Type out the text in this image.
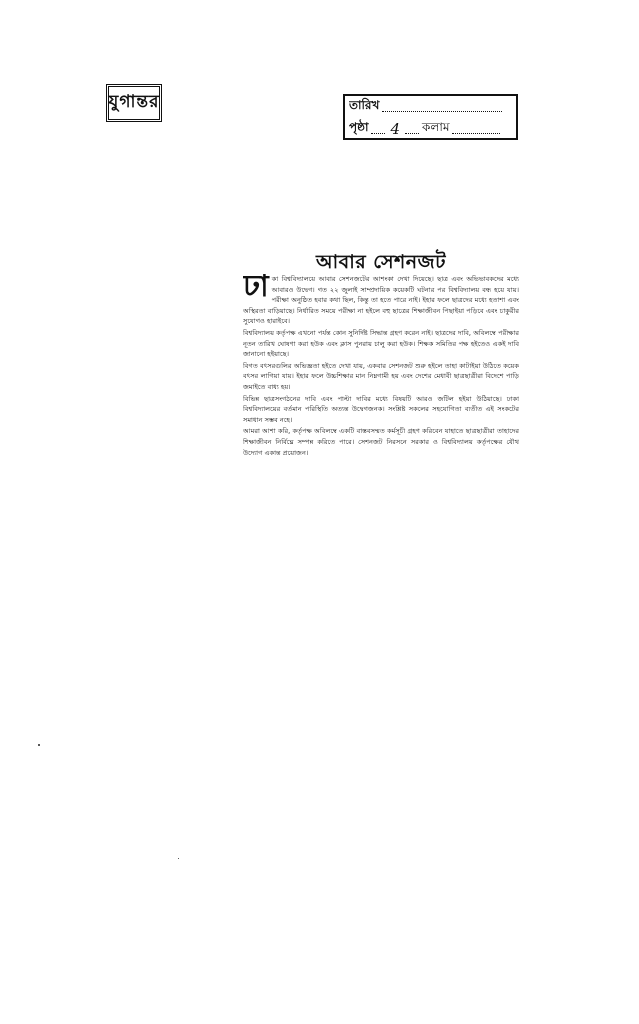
যুগান্তর	তারিখ
পৃষ্ঠা 4 কলাম
আবার সেশনজট
ঢা কা বিশ্ববিদ্যালয়ে আবার সেশনজটের আশংকা দেখা দিয়েছে। ছাত্র এবং অভিভাবকদের মধ্যে আবারও উদ্বেগ। গত ২২ জুলাই সাম্প্রদায়িক কয়েকটি ঘটনার পর বিশ্ববিদ্যালয় বন্ধ হয়ে যায়। পরীক্ষা অনুষ্ঠিত হবার কথা ছিল, কিন্তু তা হতে পারে নাই। ইহার ফলে ছাত্রদের মধ্যে হতাশা এবং অস্থিরতা বাড়িয়াছে। নির্ধারিত সময়ে পরীক্ষা না হইলে বহু ছাত্রের শিক্ষাজীবন পিছাইয়া পড়িবে এবং চাকুরীর সুযোগও হারাইবে।

বিশ্ববিদ্যালয় কর্তৃপক্ষ এখনো পর্যন্ত কোন সুনির্দিষ্ট সিদ্ধান্ত গ্রহণ করেন নাই। ছাত্রদের দাবি, অবিলম্বে পরীক্ষার নূতন তারিখ ঘোষণা করা হউক এবং ক্লাস পুনরায় চালু করা হউক। শিক্ষক সমিতির পক্ষ হইতেও একই দাবি জানানো হইয়াছে।

বিগত বৎসরগুলির অভিজ্ঞতা হইতে দেখা যায়, একবার সেশনজট শুরু হইলে তাহা কাটাইয়া উঠিতে কয়েক বৎসর লাগিয়া যায়। ইহার ফলে উচ্চশিক্ষার মান নিম্নগামী হয় এবং দেশের মেধাবী ছাত্রছাত্রীরা বিদেশে পাড়ি জমাইতে বাধ্য হয়।

বিভিন্ন ছাত্রসংগঠনের দাবি এবং পাল্টা দাবির মধ্যে বিষয়টি আরও জটিল হইয়া উঠিয়াছে। ঢাকা বিশ্ববিদ্যালয়ের বর্তমান পরিস্থিতি অত্যন্ত উদ্বেগজনক। সংশ্লিষ্ট সকলের সহযোগিতা ব্যতীত এই সংকটের সমাধান সম্ভব নহে।

আমরা আশা করি, কর্তৃপক্ষ অবিলম্বে একটি বাস্তবসম্মত কর্মসূচী গ্রহণ করিবেন যাহাতে ছাত্রছাত্রীরা তাহাদের শিক্ষাজীবন নির্বিঘ্নে সম্পন্ন করিতে পারে। সেশনজট নিরসনে সরকার ও বিশ্ববিদ্যালয় কর্তৃপক্ষের যৌথ উদ্যোগ একান্ত প্রয়োজন।
